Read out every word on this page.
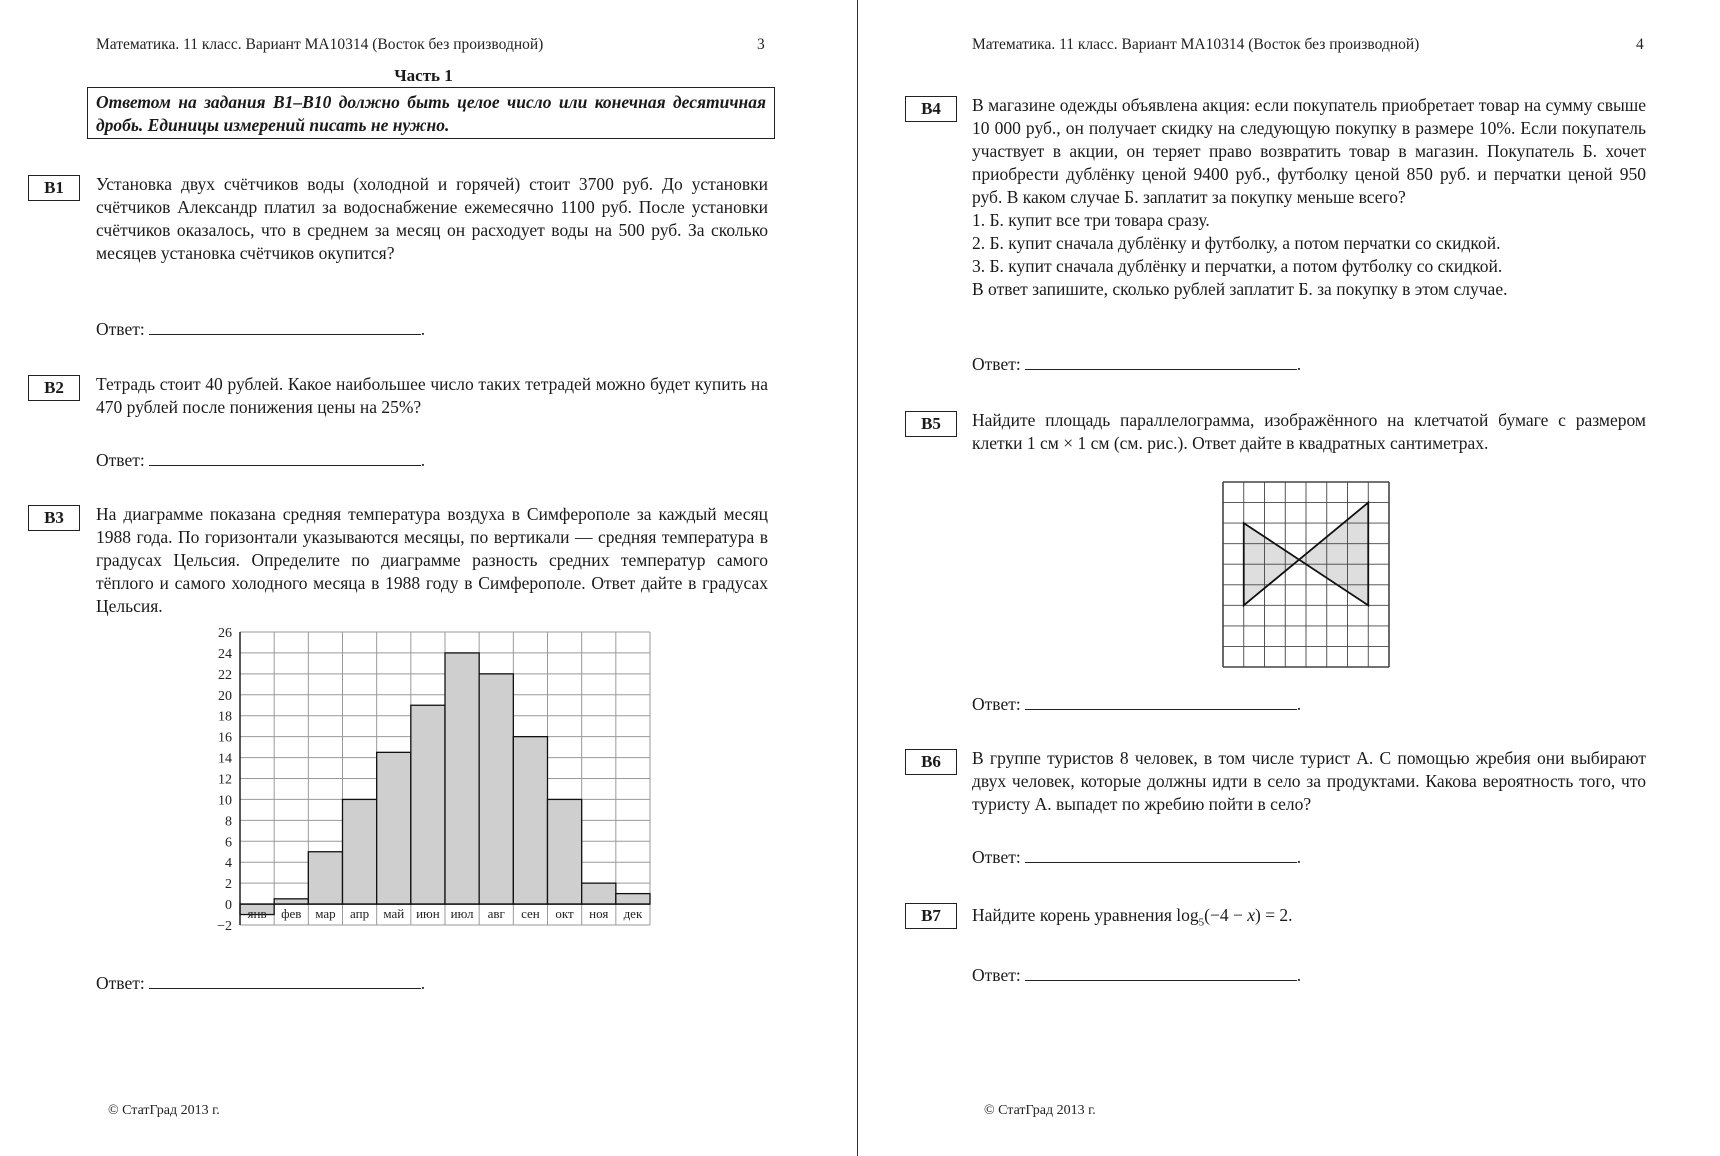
Математика. 11 класс. Вариант МА10314 (Восток без производной)	3
Часть 1
Ответом на задания В1–В10 должно быть целое число или конечная десятичная дробь. Единицы измерений писать не нужно.
B1	Установка двух счётчиков воды (холодной и горячей) стоит 3700 руб. До установки счётчиков Александр платил за водоснабжение ежемесячно 1100 руб. После установки счётчиков оказалось, что в среднем за месяц он расходует воды на 500 руб. За сколько месяцев установка счётчиков окупится?
Ответ:	.
B2	Тетрадь стоит 40 рублей. Какое наибольшее число таких тетрадей можно будет купить на 470 рублей после понижения цены на 25%?
Ответ:	.
B3	На диаграмме показана средняя температура воздуха в Симферополе за каждый месяц 1988 года. По горизонтали указываются месяцы, по вертикали — средняя температура в градусах Цельсия. Определите по диаграмме разность средних температур самого тёплого и самого холодного месяца в 1988 году в Симферополе. Ответ дайте в градусах Цельсия.
Ответ:	.
−2
0
2
4
6
8
10
12
14
16
18
20
22
24
26
янв фев мар апр май июн июл авг сен окт ноя дек
© СтатГрад 2013 г.
Математика. 11 класс. Вариант МА10314 (Восток без производной)	4
B4	В магазине одежды объявлена акция: если покупатель приобретает товар на сумму свыше 10 000 руб., он получает скидку на следующую покупку в размере 10%. Если покупатель участвует в акции, он теряет право возвратить товар в магазин. Покупатель Б. хочет приобрести дублёнку ценой 9400 руб., футболку ценой 850 руб. и перчатки ценой 950 руб. В каком случае Б. заплатит за покупку меньше всего?

1. Б. купит все три товара сразу.

2. Б. купит сначала дублёнку и футболку, а потом перчатки со скидкой.

3. Б. купит сначала дублёнку и перчатки, а потом футболку со скидкой.

В ответ запишите, сколько рублей заплатит Б. за покупку в этом случае.

Ответ:	.
B5	Найдите площадь параллелограмма, изображённого на клетчатой бумаге с размером клетки 1 см × 1 см (см. рис.). Ответ дайте в квадратных сантиметрах.
Ответ:	.
B6	В группе туристов 8 человек, в том числе турист А. С помощью жребия они выбирают двух человек, которые должны идти в село за продуктами. Какова вероятность того, что туристу А. выпадет по жребию пойти в село?
Ответ:	.
B7	Найдите корень уравнения $\log_5(-4 - x) = 2$.
Ответ:	.
© СтатГрад 2013 г.
